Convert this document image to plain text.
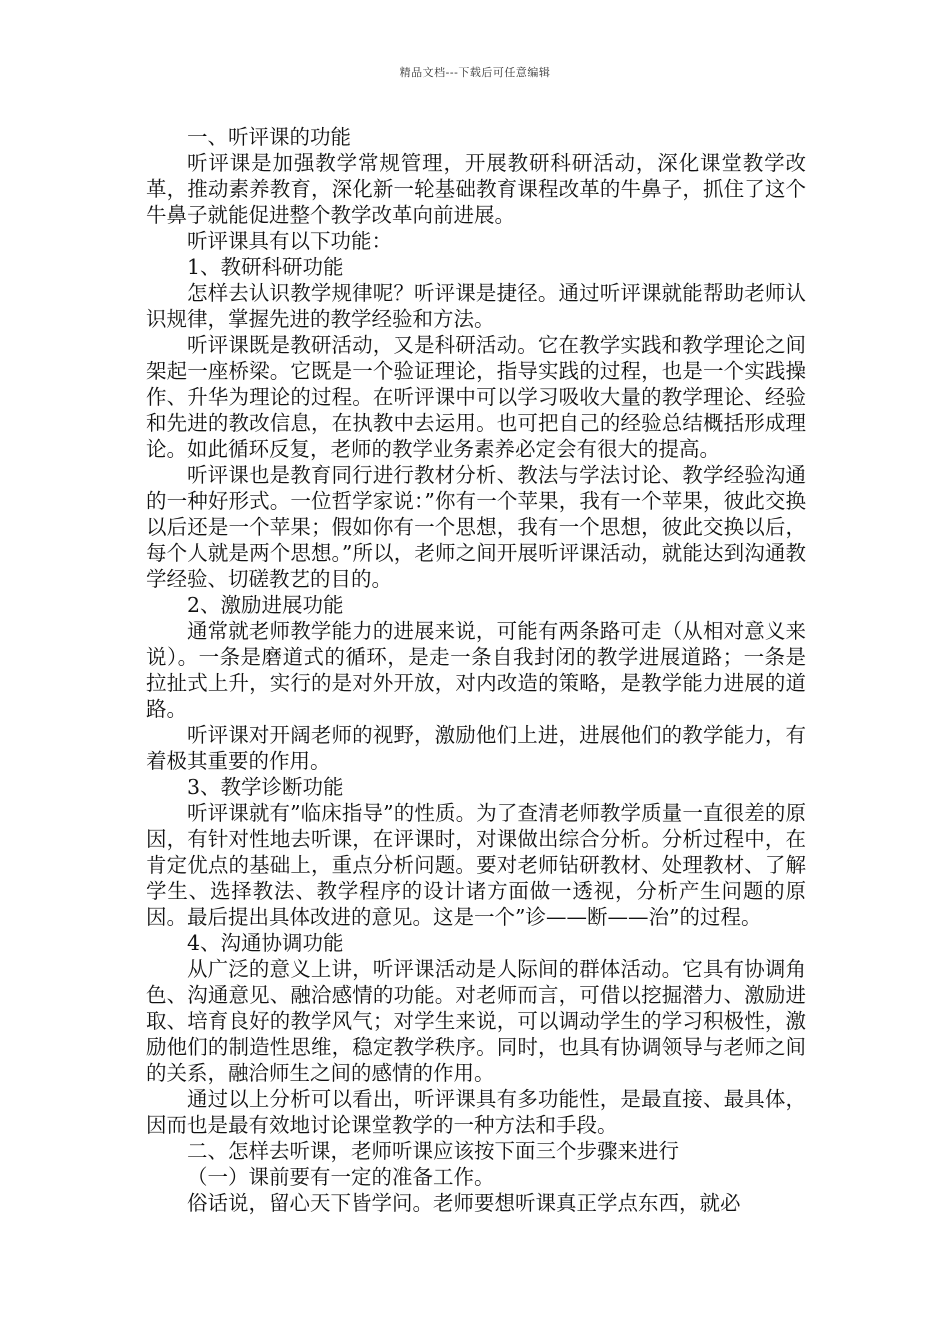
精品文档---下载后可任意编辑

一、听评课的功能

听评课是加强教学常规管理，开展教研科研活动，深化课堂教学改革，推动素养教育，深化新一轮基础教育课程改革的牛鼻子，抓住了这个牛鼻子就能促进整个教学改革向前进展。

听评课具有以下功能：

1、教研科研功能

怎样去认识教学规律呢？听评课是捷径。通过听评课就能帮助老师认识规律，掌握先进的教学经验和方法。

听评课既是教研活动，又是科研活动。它在教学实践和教学理论之间架起一座桥梁。它既是一个验证理论，指导实践的过程，也是一个实践操作、升华为理论的过程。在听评课中可以学习吸收大量的教学理论、经验和先进的教改信息，在执教中去运用。也可把自己的经验总结概括形成理论。如此循环反复，老师的教学业务素养必定会有很大的提高。

听评课也是教育同行进行教材分析、教法与学法讨论、教学经验沟通的一种好形式。一位哲学家说：”你有一个苹果，我有一个苹果，彼此交换以后还是一个苹果；假如你有一个思想，我有一个思想，彼此交换以后，每个人就是两个思想。”所以，老师之间开展听评课活动，就能达到沟通教学经验、切磋教艺的目的。

2、激励进展功能

通常就老师教学能力的进展来说，可能有两条路可走（从相对意义来说）。一条是磨道式的循环，是走一条自我封闭的教学进展道路；一条是拉扯式上升，实行的是对外开放，对内改造的策略，是教学能力进展的道路。

听评课对开阔老师的视野，激励他们上进，进展他们的教学能力，有着极其重要的作用。

3、教学诊断功能

听评课就有”临床指导”的性质。为了查清老师教学质量一直很差的原因，有针对性地去听课，在评课时，对课做出综合分析。分析过程中，在肯定优点的基础上，重点分析问题。要对老师钻研教材、处理教材、了解学生、选择教法、教学程序的设计诸方面做一透视，分析产生问题的原因。最后提出具体改进的意见。这是一个”诊——断——治”的过程。

4、沟通协调功能

从广泛的意义上讲，听评课活动是人际间的群体活动。它具有协调角色、沟通意见、融洽感情的功能。对老师而言，可借以挖掘潜力、激励进取、培育良好的教学风气；对学生来说，可以调动学生的学习积极性，激励他们的制造性思维，稳定教学秩序。同时，也具有协调领导与老师之间的关系，融洽师生之间的感情的作用。

通过以上分析可以看出，听评课具有多功能性，是最直接、最具体，因而也是最有效地讨论课堂教学的一种方法和手段。

二、怎样去听课，老师听课应该按下面三个步骤来进行

（一）课前要有一定的准备工作。

俗话说，留心天下皆学问。老师要想听课真正学点东西，就必
